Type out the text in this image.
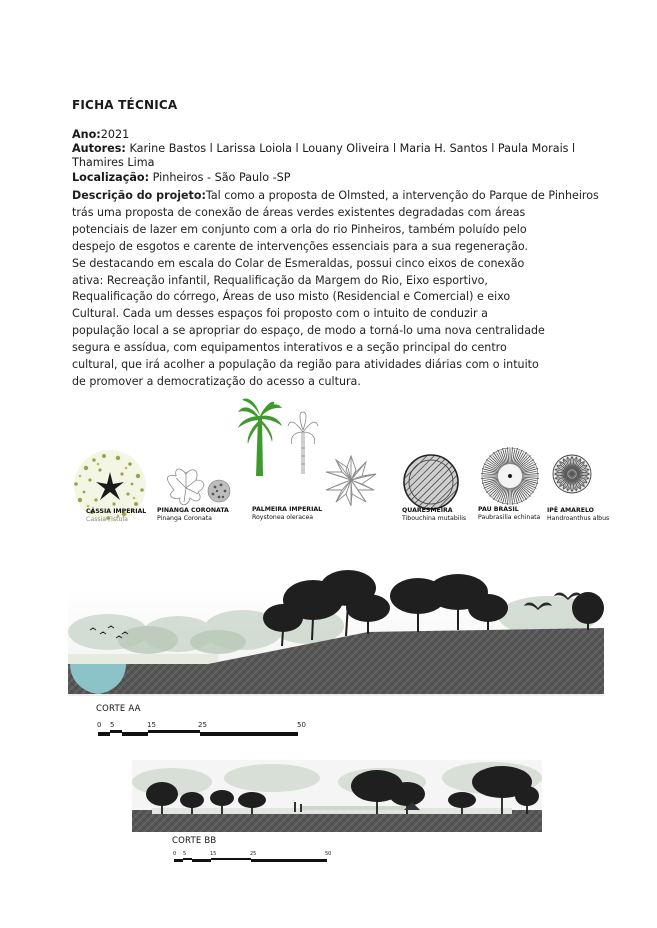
FICHA TÉCNICA
Ano:2021
Autores: Karine Bastos l Larissa Loiola l Louany Oliveira l Maria H. Santos l Paula Morais l
Thamires Lima
Localização: Pinheiros - São Paulo -SP
Descrição do projeto:Tal como a proposta de Olmsted, a intervenção do Parque de Pinheiros
trás uma proposta de conexão de áreas verdes existentes degradadas com áreas
potenciais de lazer em conjunto com a orla do rio Pinheiros, também poluído pelo
despejo de esgotos e carente de intervenções essenciais para a sua regeneração.
Se destacando em escala do Colar de Esmeraldas, possui cinco eixos de conexão
ativa: Recreação infantil, Requalificação da Margem do Rio, Eixo esportivo,
Requalificação do córrego, Áreas de uso misto (Residencial e Comercial) e eixo
Cultural. Cada um desses espaços foi proposto com o intuito de conduzir a
população local a se apropriar do espaço, de modo a torná-lo uma nova centralidade
segura e assídua, com equipamentos interativos e a seção principal do centro
cultural, que irá acolher a população da região para atividades diárias com o intuito
de promover a democratização do acesso a cultura.
CÁSSIA IMPERIAL
Cassia Fistula
PINANGA CORONATA
Pinanga Coronata
PALMEIRA IMPERIAL
Roystonea oleracea
QUARESMEIRA
Tibouchina mutabilis
PAU BRASIL
Paubrasilia echinata
IPÊ AMARELO
Handroanthus albus
CORTE AA
0 5	15	25	50
CORTE BB
0 5	15	25	50
